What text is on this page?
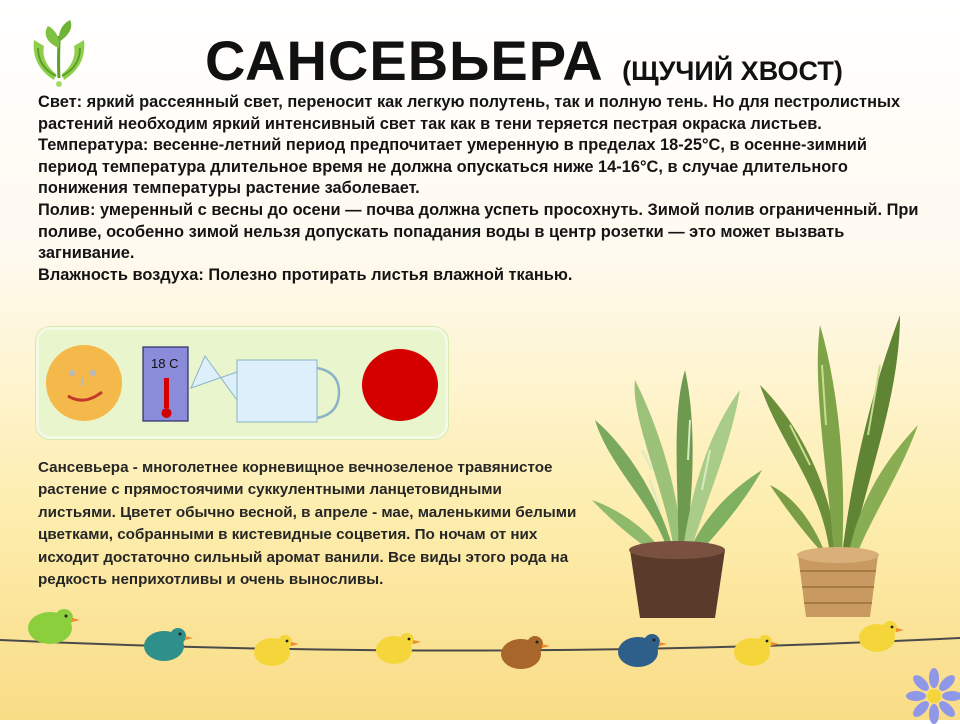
САНСЕВЬЕРА (ЩУЧИЙ ХВОСТ)

Свет: яркий рассеянный свет, переносит как легкую полутень, так и полную тень. Но для пестролистных растений необходим яркий интенсивный свет так как в тени теряется пестрая окраска листьев.

Температура: весенне-летний период предпочитает умеренную в пределах 18-25°С, в осенне-зимний период температура длительное время не должна опускаться ниже 14-16°С, в случае длительного понижения температуры растение заболевает.

Полив: умеренный с весны до осени — почва должна успеть просохнуть. Зимой полив ограниченный. При поливе, особенно зимой нельзя допускать попадания воды в центр розетки — это может вызвать загнивание.

Влажность воздуха: Полезно протирать листья влажной тканью.

18 С
Сансевьера - многолетнее корневищное вечнозеленое травянистое растение с прямостоячими суккулентными ланцетовидными листьями. Цветет обычно весной, в апреле - мае, маленькими белыми цветками, собранными в кистевидные соцветия. По ночам от них исходит достаточно сильный аромат ванили. Все виды этого рода на редкость неприхотливы и очень выносливы.
